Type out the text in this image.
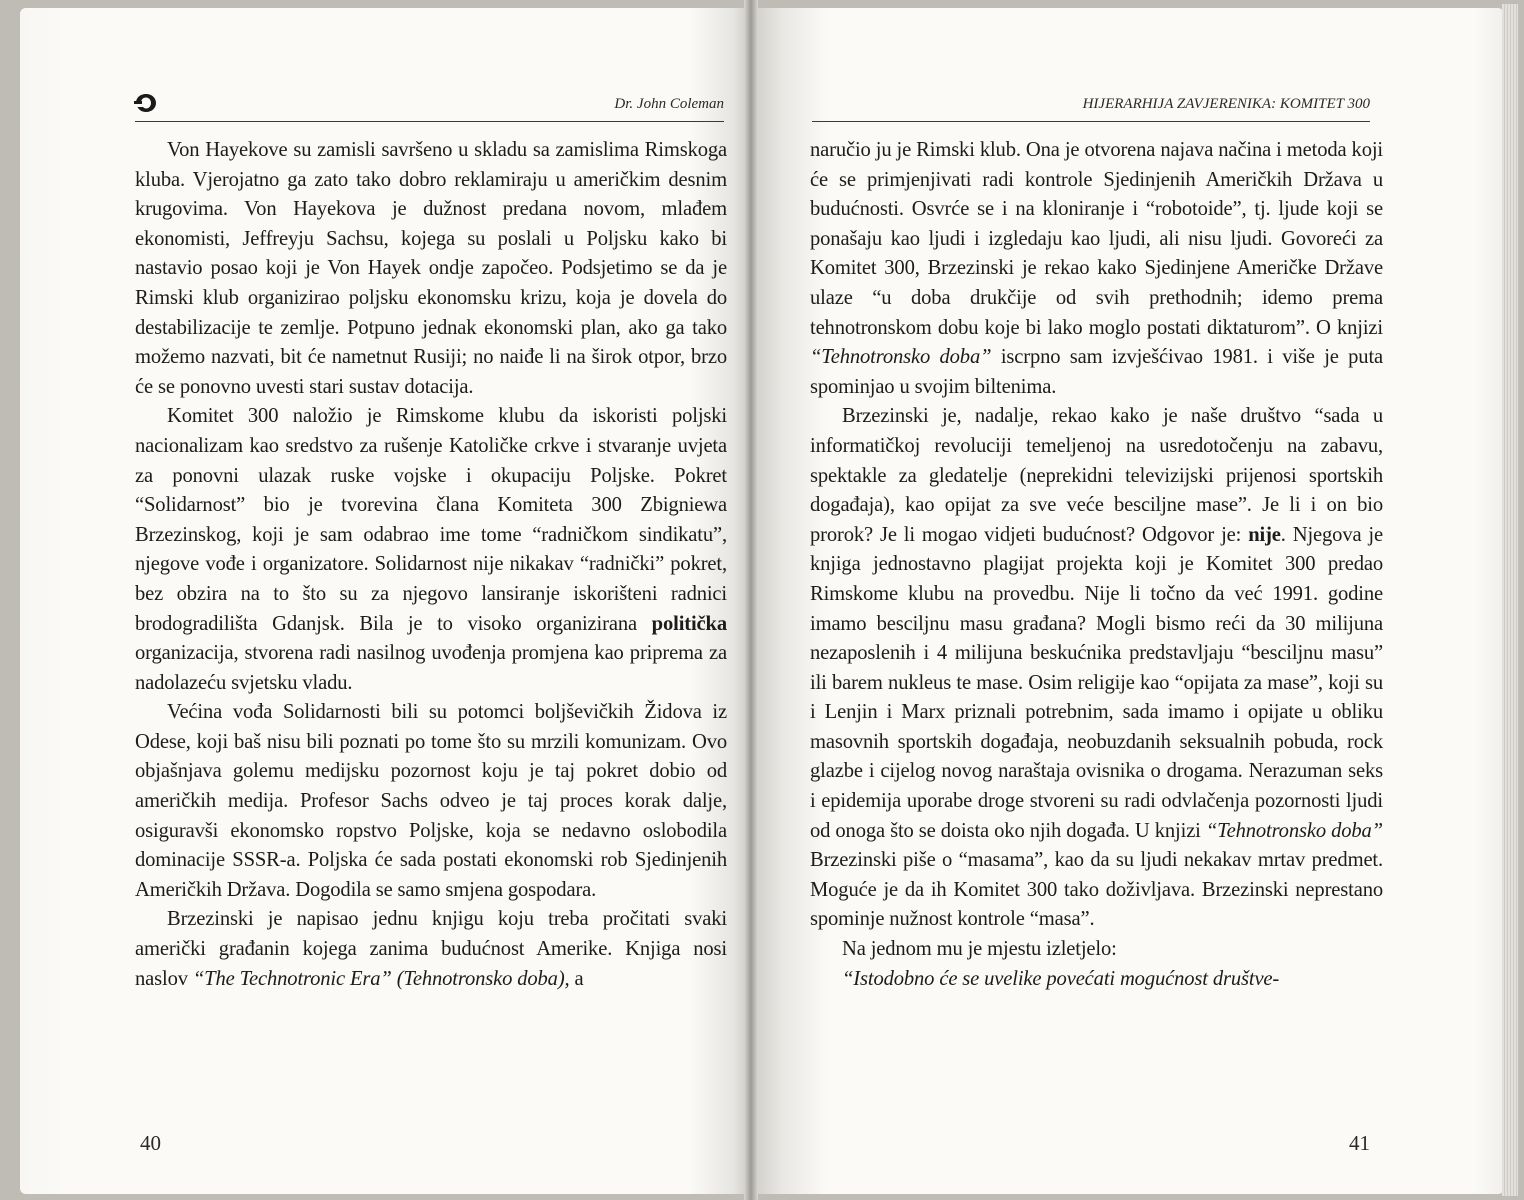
Dr. John Coleman

Von Hayekove su zamisli savršeno u skladu sa zamislima Rimskoga kluba. Vjerojatno ga zato tako dobro reklamiraju u američkim desnim krugovima. Von Hayekova je dužnost predana novom, mlađem ekonomisti, Jeffreyju Sachsu, kojega su poslali u Poljsku kako bi nastavio posao koji je Von Hayek ondje započeo. Podsjetimo se da je Rimski klub organizirao poljsku ekonomsku krizu, koja je dovela do destabilizacije te zemlje. Potpuno jednak ekonomski plan, ako ga tako možemo nazvati, bit će nametnut Rusiji; no naiđe li na širok otpor, brzo će se ponovno uvesti stari sustav dotacija.

Komitet 300 naložio je Rimskome klubu da iskoristi poljski nacionalizam kao sredstvo za rušenje Katoličke crkve i stvaranje uvjeta za ponovni ulazak ruske vojske i okupaciju Poljske. Pokret “Solidarnost” bio je tvorevina člana Komiteta 300 Zbigniewa Brzezinskog, koji je sam odabrao ime tome “radničkom sindikatu”, njegove vođe i organizatore. Solidarnost nije nikakav “radnički” pokret, bez obzira na to što su za njegovo lansiranje iskorišteni radnici brodogradilišta Gdanjsk. Bila je to visoko organizirana politička organizacija, stvorena radi nasilnog uvođenja promjena kao priprema za nadolazeću svjetsku vladu.

Većina vođa Solidarnosti bili su potomci boljševičkih Židova iz Odese, koji baš nisu bili poznati po tome što su mrzili komunizam. Ovo objašnjava golemu medijsku pozornost koju je taj pokret dobio od američkih medija. Profesor Sachs odveo je taj proces korak dalje, osiguravši ekonomsko ropstvo Poljske, koja se nedavno oslobodila dominacije SSSR-a. Poljska će sada postati ekonomski rob Sjedinjenih Američkih Država. Dogodila se samo smjena gospodara.

Brzezinski je napisao jednu knjigu koju treba pročitati svaki američki građanin kojega zanima budućnost Amerike. Knjiga nosi naslov “The Technotronic Era” (Tehnotronsko doba), a

40
HIJERARHIJA ZAVJERENIKA: KOMITET 300

naručio ju je Rimski klub. Ona je otvorena najava načina i metoda koji će se primjenjivati radi kontrole Sjedinjenih Američkih Država u budućnosti. Osvrće se i na kloniranje i “robotoide”, tj. ljude koji se ponašaju kao ljudi i izgledaju kao ljudi, ali nisu ljudi. Govoreći za Komitet 300, Brzezinski je rekao kako Sjedinjene Američke Države ulaze “u doba drukčije od svih prethodnih; idemo prema tehnotronskom dobu koje bi lako moglo postati diktaturom”. O knjizi “Tehnotronsko doba” iscrpno sam izvješćivao 1981. i više je puta spominjao u svojim biltenima.

Brzezinski je, nadalje, rekao kako je naše društvo “sada u informatičkoj revoluciji temeljenoj na usredotočenju na zabavu, spektakle za gledatelje (neprekidni televizijski prijenosi sportskih događaja), kao opijat za sve veće besciljne mase”. Je li i on bio prorok? Je li mogao vidjeti budućnost? Odgovor je: nije. Njegova je knjiga jednostavno plagijat projekta koji je Komitet 300 predao Rimskome klubu na provedbu. Nije li točno da već 1991. godine imamo besciljnu masu građana? Mogli bismo reći da 30 milijuna nezaposlenih i 4 milijuna beskućnika predstavljaju “besciljnu masu” ili barem nukleus te mase. Osim religije kao “opijata za mase”, koji su i Lenjin i Marx priznali potrebnim, sada imamo i opijate u obliku masovnih sportskih događaja, neobuzdanih seksualnih pobuda, rock glazbe i cijelog novog naraštaja ovisnika o drogama. Nerazuman seks i epidemija uporabe droge stvoreni su radi odvlačenja pozornosti ljudi od onoga što se doista oko njih događa. U knjizi “Tehnotronsko doba” Brzezinski piše o “masama”, kao da su ljudi nekakav mrtav predmet. Moguće je da ih Komitet 300 tako doživljava. Brzezinski neprestano spominje nužnost kontrole “masa”.

Na jednom mu je mjestu izletjelo:

“Istodobno će se uvelike povećati mogućnost društve-

41
